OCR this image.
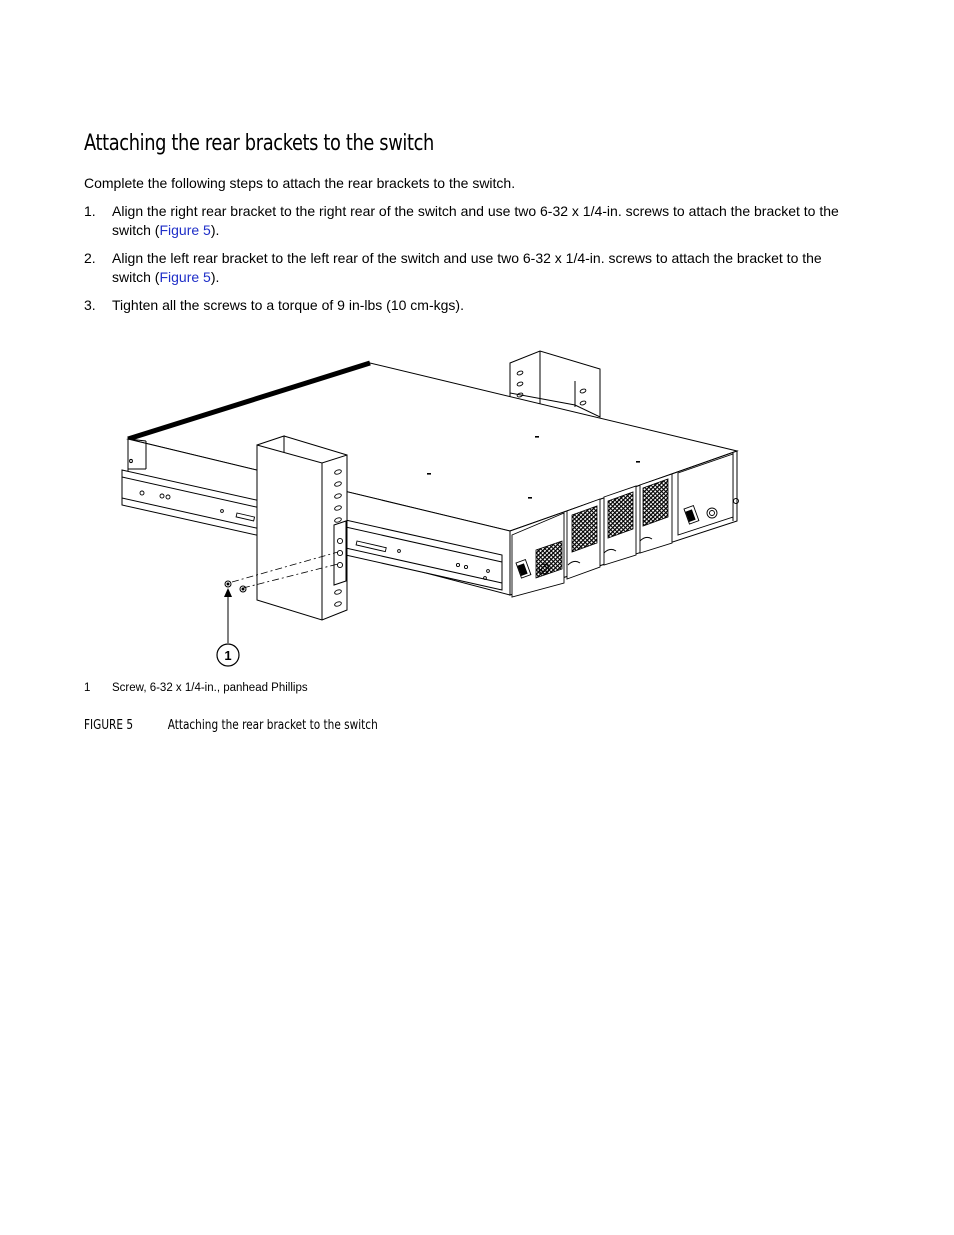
Attaching the rear brackets to the switch

Complete the following steps to attach the rear brackets to the switch.

1. Align the right rear bracket to the right rear of the switch and use two 6-32 x 1/4-in. screws to attach the bracket to the switch (Figure 5).
2. Align the left rear bracket to the left rear of the switch and use two 6-32 x 1/4-in. screws to attach the bracket to the switch (Figure 5).
3. Tighten all the screws to a torque of 9 in-lbs (10 cm-kgs).
1
1 Screw, 6-32 x 1/4-in., panhead Phillips
FIGURE 5	Attaching the rear bracket to the switch
